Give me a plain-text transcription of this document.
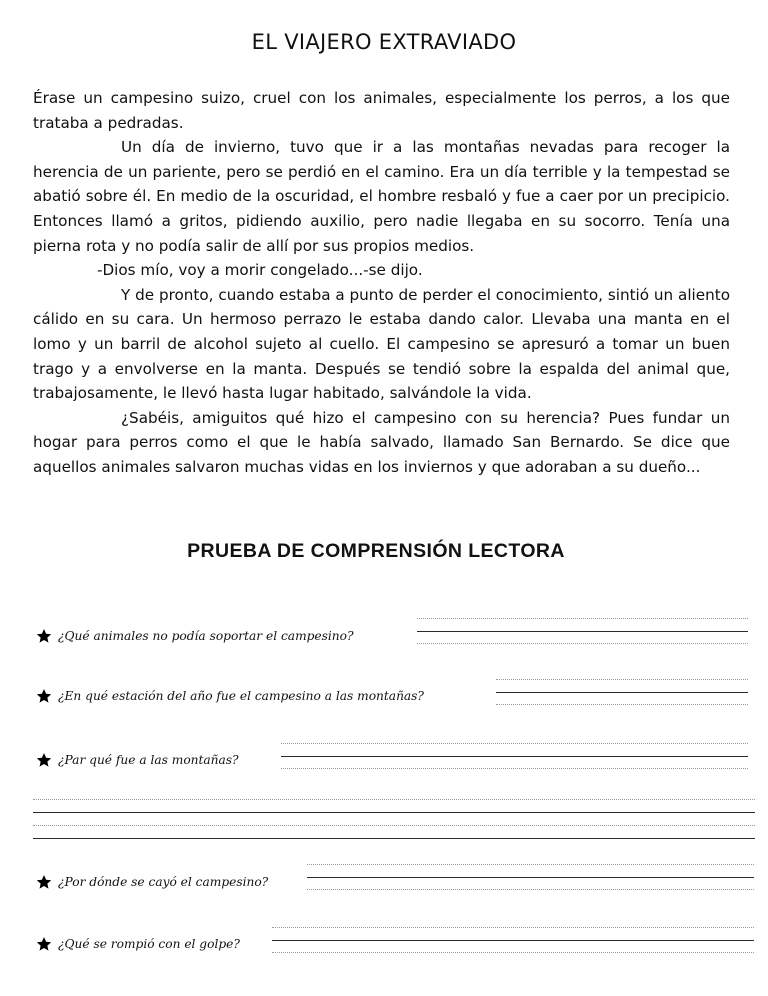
EL VIAJERO EXTRAVIADO

Érase un campesino suizo, cruel con los animales, especialmente los perros, a los que trataba a pedradas.

Un día de invierno, tuvo que ir a las montañas nevadas para recoger la herencia de un pariente, pero se perdió en el camino. Era un día terrible y la tempestad se abatió sobre él. En medio de la oscuridad, el hombre resbaló y fue a caer por un precipicio. Entonces llamó a gritos, pidiendo auxilio, pero nadie llegaba en su socorro. Tenía una pierna rota y no podía salir de allí por sus propios medios.

-Dios mío, voy a morir congelado...-se dijo.

Y de pronto, cuando estaba a punto de perder el conocimiento, sintió un aliento cálido en su cara. Un hermoso perrazo le estaba dando calor. Llevaba una manta en el lomo y un barril de alcohol sujeto al cuello. El campesino se apresuró a tomar un buen trago y a envolverse en la manta. Después se tendió sobre la espalda del animal que, trabajosamente, le llevó hasta lugar habitado, salvándole la vida.

¿Sabéis, amiguitos qué hizo el campesino con su herencia? Pues fundar un hogar para perros como el que le había salvado, llamado San Bernardo. Se dice que aquellos animales salvaron muchas vidas en los inviernos y que adoraban a su dueño...

PRUEBA DE COMPRENSIÓN LECTORA
¿Qué animales no podía soportar el campesino?
¿En qué estación del año fue el campesino a las montañas?
¿Par qué fue a las montañas?
¿Por dónde se cayó el campesino?
¿Qué se rompió con el golpe?
